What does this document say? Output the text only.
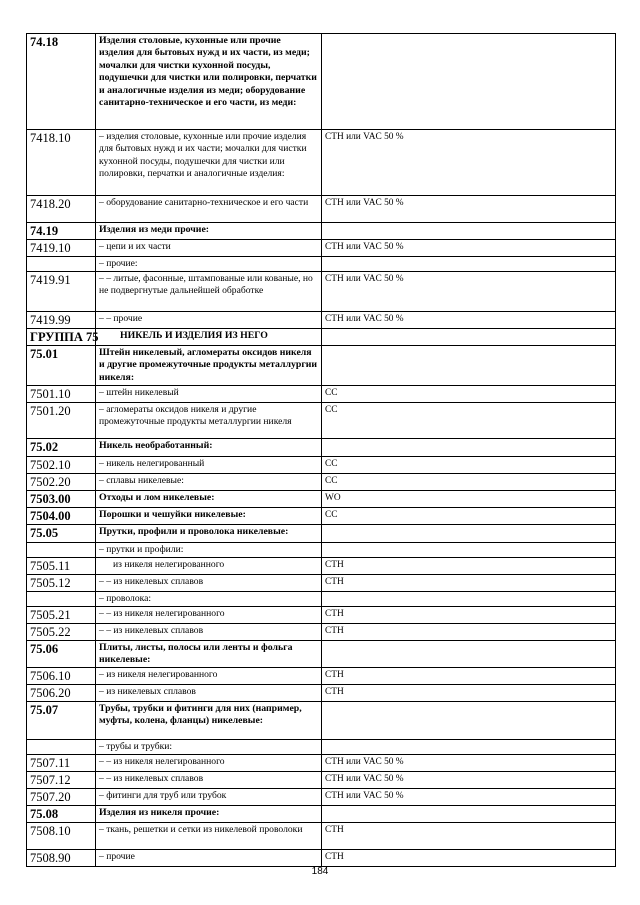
74.18	Изделия столовые, кухонные или прочие изделия для бытовых нужд и их части, из меди; мочалки для чистки кухонной посуды, подушечки для чистки или полировки, перчатки и аналогичные изделия из меди; оборудование санитарно-техническое и его части, из меди:	
7418.10	– изделия столовые, кухонные или прочие изделия для бытовых нужд и их части; мочалки для чистки кухонной посуды, подушечки для чистки или полировки, перчатки и аналогичные изделия:	СТН или VAC 50 %
7418.20	– оборудование санитарно-техническое и его части	СТН или VAC 50 %
74.19	Изделия из меди прочие:	
7419.10	– цепи и их части	СТН или VAC 50 %
	– прочие:	
7419.91	– – литые, фасонные, штампованые или кованые, но не подвергнутые дальнейшей обработке	СТН или VAC 50 %
7419.99	– – прочие	СТН или VAC 50 %
ГРУППА 75	НИКЕЛЬ И ИЗДЕЛИЯ ИЗ НЕГО	
75.01	Штейн никелевый, агломераты оксидов никеля и другие промежуточные продукты металлургии никеля:	
7501.10	– штейн никелевый	СС
7501.20	– агломераты оксидов никеля и другие промежуточные продукты металлургии никеля	СС
75.02	Никель необработанный:	
7502.10	– никель нелегированный	СС
7502.20	– сплавы никелевые:	СС
7503.00	Отходы и лом никелевые:	WO
7504.00	Порошки и чешуйки никелевые:	СС
75.05	Прутки, профили и проволока никелевые:	
	– прутки и профили:	
7505.11	из никеля нелегированного	СТН
7505.12	– – из никелевых сплавов	СТН
	– проволока:	
7505.21	– – из никеля нелегированного	СТН
7505.22	– – из никелевых сплавов	СТН
75.06	Плиты, листы, полосы или ленты и фольга никелевые:	
7506.10	– из никеля нелегированного	СТН
7506.20	– из никелевых сплавов	СТН
75.07	Трубы, трубки и фитинги для них (например, муфты, колена, фланцы) никелевые:	
	– трубы и трубки:	
7507.11	– – из никеля нелегированного	СТН или VAC 50 %
7507.12	– – из никелевых сплавов	СТН или VAC 50 %
7507.20	– фитинги для труб или трубок	СТН или VAC 50 %
75.08	Изделия из никеля прочие:	
7508.10	– ткань, решетки и сетки из никелевой проволоки	СТН
7508.90	– прочие	СТН
184
